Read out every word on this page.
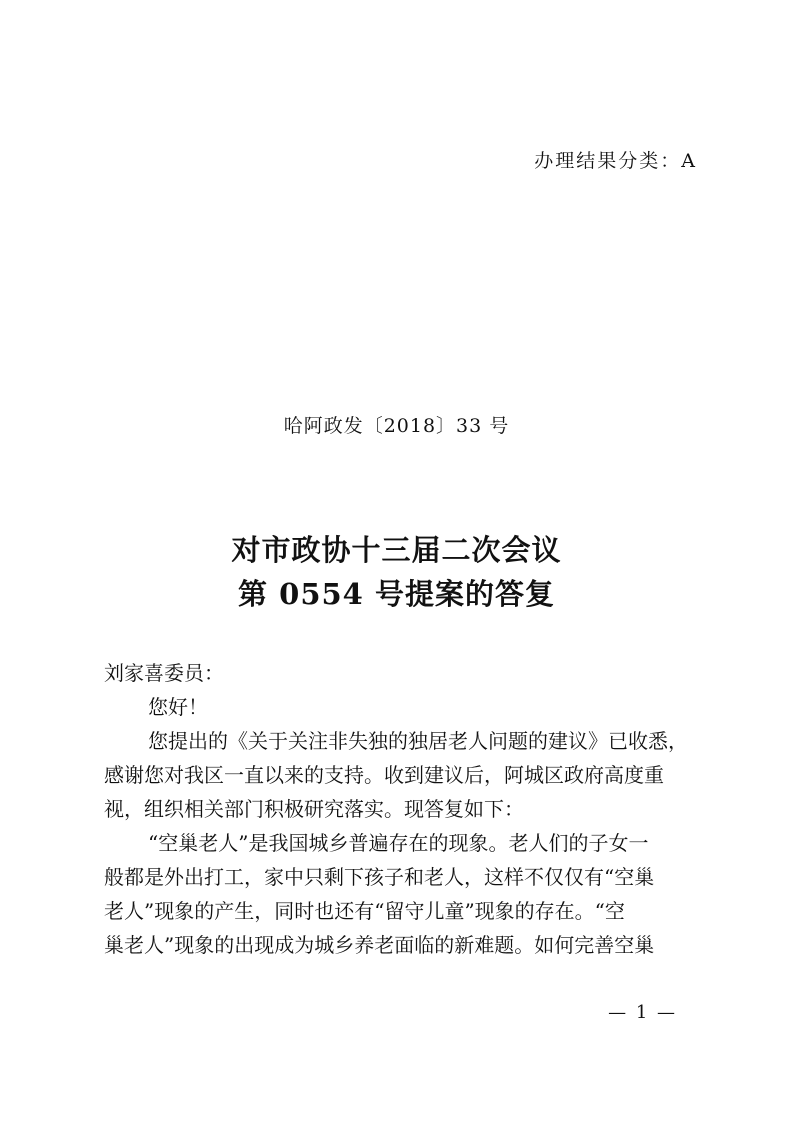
办理结果分类：A
哈阿政发〔2018〕33 号
对市政协十三届二次会议
第 0554 号提案的答复
刘家喜委员：
您好！
您提出的《关于关注非失独的独居老人问题的建议》已收悉，
感谢您对我区一直以来的支持。收到建议后，阿城区政府高度重
视，组织相关部门积极研究落实。现答复如下：
“空巢老人”是我国城乡普遍存在的现象。老人们的子女一
般都是外出打工，家中只剩下孩子和老人，这样不仅仅有“空巢
老人”现象的产生，同时也还有“留守儿童”现象的存在。“空
巢老人”现象的出现成为城乡养老面临的新难题。如何完善空巢
— 1 —
